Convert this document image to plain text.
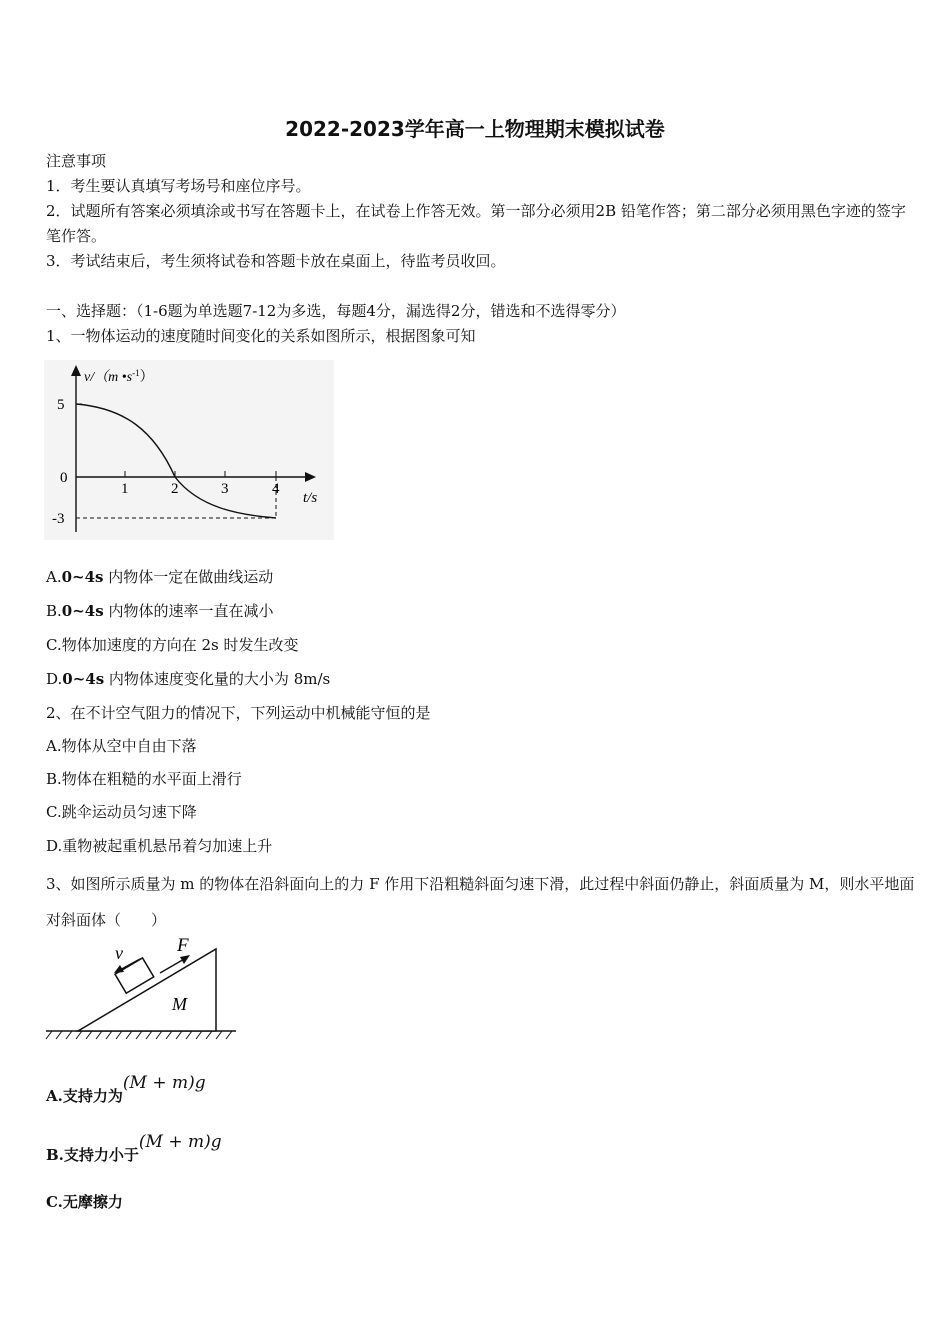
2022-2023学年高一上物理期末模拟试卷
注意事项
1．考生要认真填写考场号和座位序号。
2．试题所有答案必须填涂或书写在答题卡上，在试卷上作答无效。第一部分必须用2B 铅笔作答；第二部分必须用黑色字迹的签字笔作答。
3．考试结束后，考生须将试卷和答题卡放在桌面上，待监考员收回。
一、选择题：（1-6题为单选题7-12为多选，每题4分，漏选得2分，错选和不选得零分）
1、一物体运动的速度随时间变化的关系如图所示，根据图象可知
v/（m $•s^{-1}$）
5
0
-3
1	2	3	4
t/s
A.0~4s 内物体一定在做曲线运动
B.0~4s 内物体的速率一直在减小
C.物体加速度的方向在 2s 时发生改变
D.0~4s 内物体速度变化量的大小为 8m/s
2、在不计空气阻力的情况下，下列运动中机械能守恒的是
A.物体从空中自由下落
B.物体在粗糙的水平面上滑行
C.跳伞运动员匀速下降
D.重物被起重机悬吊着匀加速上升
3、如图所示质量为 m 的物体在沿斜面向上的力 F 作用下沿粗糙斜面匀速下滑，此过程中斜面仍静止，斜面质量为 M，则水平地面对斜面体（　　）
v	F
M
A.支持力为(M + m)g
B.支持力小于(M + m)g
C.无摩擦力
